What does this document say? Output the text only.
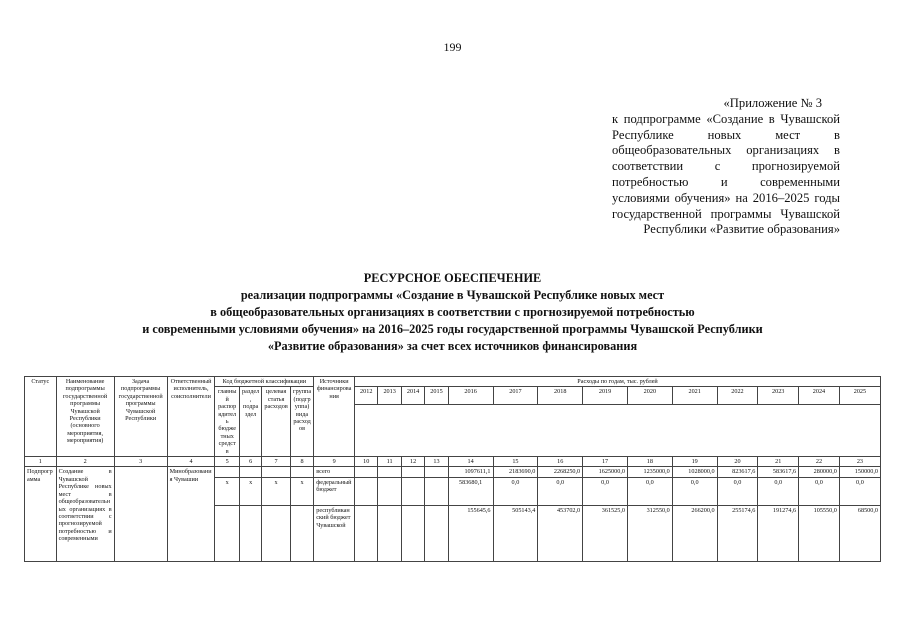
199
«Приложение № 3
к подпрограмме «Создание в Чувашской Республике новых мест в общеобразовательных организациях в соответствии с прогнозируемой потребностью и современными условиями обучения» на 2016–2025 годы государственной программы Чувашской Республики «Развитие образования»
РЕСУРСНОЕ ОБЕСПЕЧЕНИЕ
реализации подпрограммы «Создание в Чувашской Республике новых мест
в общеобразовательных организациях в соответствии с прогнозируемой потребностью
и современными условиями обучения» на 2016–2025 годы государственной программы Чувашской Республики
«Развитие образования» за счет всех источников финансирования
Статус	Наименование подпрограммы государственной программы Чувашской Республики (основного мероприятия, мероприятия)	Задача подпрограммы государственной программы Чувашской Республики	Ответственный исполнитель, соисполнители	Код бюджетной классификации				Источники финансирования	Расходы по годам, тыс. рублей													
				главный распорядитель бюджетных средств	раздел, подраздел	целевая статья расходов	группа (подгруппа) вида расходов		2012	2013	2014	2015	2016	2017	2018	2019	2020	2021	2022	2023	2024	2025

1	2	3	4	5	6	7	8	9	10	11	12	13	14	15	16	17	18	19	20	21	22	23
Подпрограмма	Создание в Чувашской Республике новых мест в общеобразовательных организациях в соответствии с прогнозируемой потребностью и современными		Минобразования Чувашии					всего					1097611,1	2183690,0	2268250,0	1625000,0	1235000,0	1028000,0	823617,6	583617,6	280000,0	150000,0
				x	x	x	x	федеральный бюджет					583680,1	0,0	0,0	0,0	0,0	0,0	0,0	0,0	0,0	0,0
								республиканский бюджет Чувашской					155645,6	505143,4	453702,0	361525,0	312550,0	266200,0	255174,6	191274,6	105550,0	68500,0
